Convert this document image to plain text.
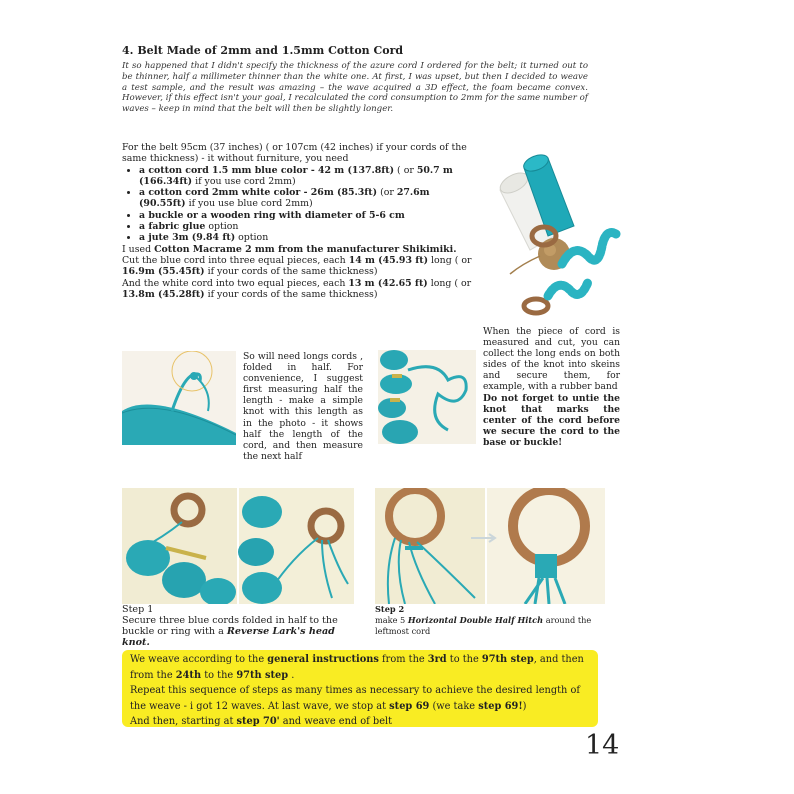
4. Belt Made of 2mm and 1.5mm Cotton Cord
It so happened that I didn't specify the thickness of the azure cord I ordered for the belt; it turned out to be thinner, half a millimeter thinner than the white one. At first, I was upset, but then I decided to weave a test sample, and the result was amazing – the wave acquired a 3D effect, the foam became convex. However, if this effect isn't your goal, I recalculated the cord consumption to 2mm for the same number of waves – keep in mind that the belt will then be slightly longer.

For the belt 95cm (37 inches) ( or 107cm (42 inches) if your cords of the same thickness) - it without furniture, you need

• a cotton cord 1.5 mm blue color - 42 m (137.8ft) ( or 50.7 m (166.34ft) if you use cord 2mm)
• a cotton cord 2mm white color - 26m (85.3ft) (or 27.6m (90.55ft) if you use blue cord 2mm)
• a buckle or a wooden ring with diameter of 5-6 cm
• a fabric glue option
• a jute 3m (9.84 ft) option

I used Cotton Macrame 2 mm from the manufacturer Shikimiki.

Cut the blue cord into three equal pieces, each 14 m (45.93 ft) long ( or 16.9m (55.45ft) if your cords of the same thickness)

And the white cord into two equal pieces, each 13 m (42.65 ft) long ( or 13.8m (45.28ft) if your cords of the same thickness)

So will need longs cords , folded in half. For convenience, I suggest first measuring half the length - make a simple knot with this length as in the photo - it shows half the length of the cord, and then measure the next half
When the piece of cord is measured and cut, you can collect the long ends on both sides of the knot into skeins and secure them, for example, with a rubber band
Do not forget to untie the knot that marks the center of the cord before we secure the cord to the base or buckle!
Step 1
Secure three blue cords folded in half to the buckle or ring with a Reverse Lark's head knot.
Step 2
make 5 Horizontal Double Half Hitch around the leftmost cord
We weave according to the general instructions from the 3rd to the 97th step, and then
from the 24th to the 97th step .
Repeat this sequence of steps as many times as necessary to achieve the desired length of
the weave - i got 12 waves. At last wave, we stop at step 69 (we take step 69!)
And then, starting at step 70' and weave end of belt
14
